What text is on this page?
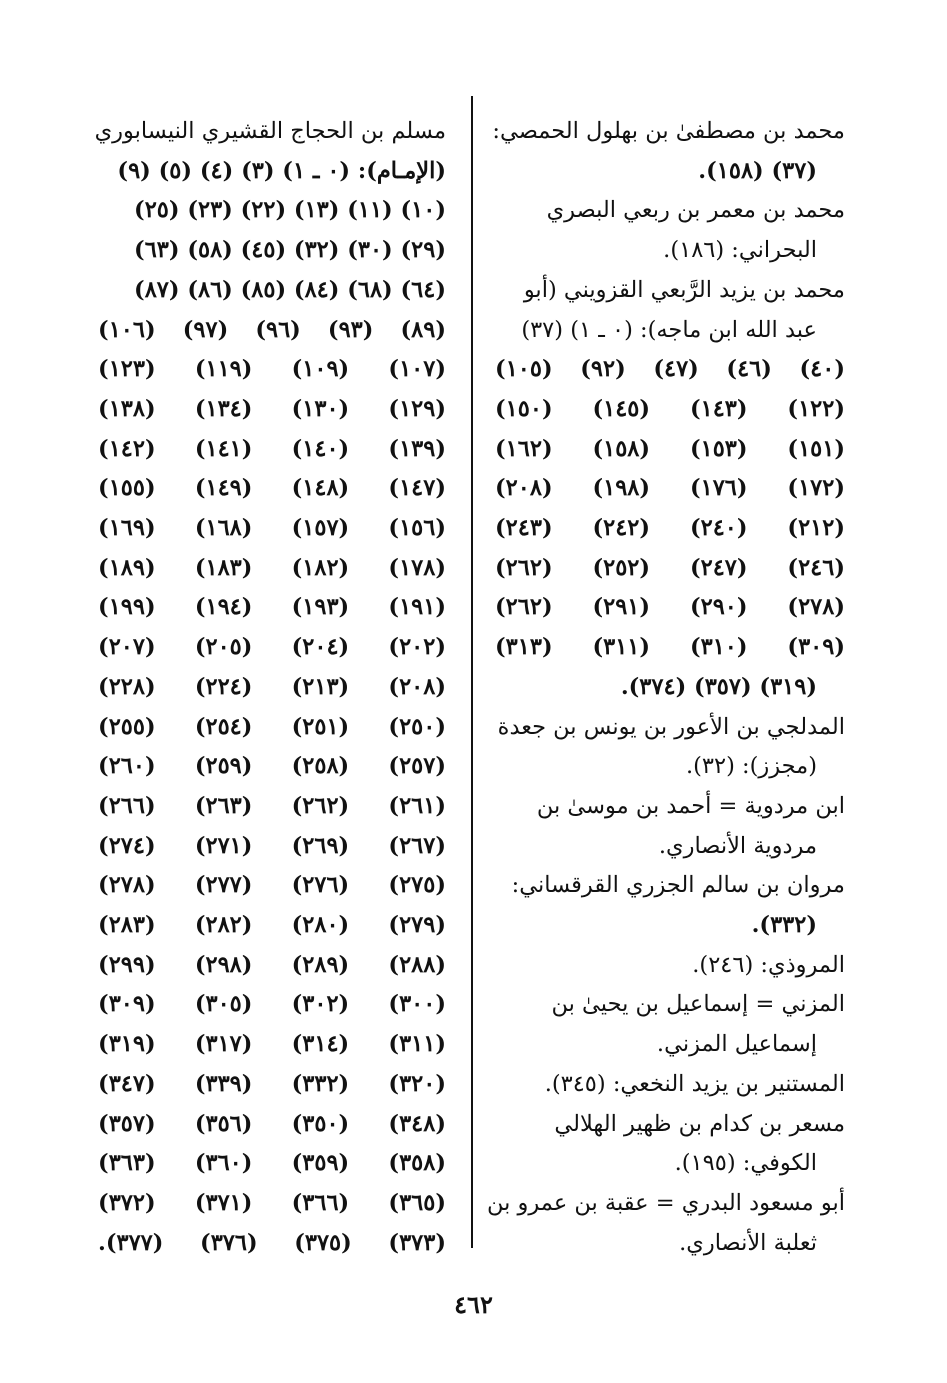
محمد بن مصطفىٰ بن بهلول الحمصي:
(٣٧) (١٥٨).
محمد بن معمر بن ربعي البصري
البحراني: (١٨٦).
محمد بن يزيد الرَّبعي القزويني (أبو
عبد الله ابن ماجه): (٠ ـ ١) (٣٧)
(٤٠)
(٤٦)
(٤٧)
(٩٢)
(١٠٥)
(١٢٢)
(١٤٣)
(١٤٥)
(١٥٠)
(١٥١)
(١٥٣)
(١٥٨)
(١٦٢)
(١٧٢)
(١٧٦)
(١٩٨)
(٢٠٨)
(٢١٢)
(٢٤٠)
(٢٤٢)
(٢٤٣)
(٢٤٦)
(٢٤٧)
(٢٥٢)
(٢٦٢)
(٢٧٨)
(٢٩٠)
(٢٩١)
(٢٦٢)
(٣٠٩)
(٣١٠)
(٣١١)
(٣١٣)
(٣١٩) (٣٥٧) (٣٧٤).
المدلجي بن الأعور بن يونس بن جعدة
(مجزز): (٣٢).
ابن مردوية = أحمد بن موسىٰ بن
مردوية الأنصاري.
مروان بن سالم الجزري القرقساني:
(٣٣٢).
المروذي: (٢٤٦).
المزني = إسماعيل بن يحيىٰ بن
إسماعيل المزني.
المستنير بن يزيد النخعي: (٣٤٥).
مسعر بن كدام بن ظهير الهلالي
الكوفي: (١٩٥).
أبو مسعود البدري = عقبة بن عمرو بن
ثعلبة الأنصاري.
مسلم بن الحجاج القشيري النيسابوري
(الإمـام): (٠ ـ ١) (٣) (٤) (٥) (٩)
(١٠) (١١) (١٣) (٢٢) (٢٣) (٢٥)
(٢٩) (٣٠) (٣٢) (٤٥) (٥٨) (٦٣)
(٦٤) (٦٨) (٨٤) (٨٥) (٨٦) (٨٧)
(٨٩)
(٩٣)
(٩٦)
(٩٧)
(١٠٦)
(١٠٧)
(١٠٩)
(١١٩)
(١٢٣)
(١٢٩)
(١٣٠)
(١٣٤)
(١٣٨)
(١٣٩)
(١٤٠)
(١٤١)
(١٤٢)
(١٤٧)
(١٤٨)
(١٤٩)
(١٥٥)
(١٥٦)
(١٥٧)
(١٦٨)
(١٦٩)
(١٧٨)
(١٨٢)
(١٨٣)
(١٨٩)
(١٩١)
(١٩٣)
(١٩٤)
(١٩٩)
(٢٠٢)
(٢٠٤)
(٢٠٥)
(٢٠٧)
(٢٠٨)
(٢١٣)
(٢٢٤)
(٢٢٨)
(٢٥٠)
(٢٥١)
(٢٥٤)
(٢٥٥)
(٢٥٧)
(٢٥٨)
(٢٥٩)
(٢٦٠)
(٢٦١)
(٢٦٢)
(٢٦٣)
(٢٦٦)
(٢٦٧)
(٢٦٩)
(٢٧١)
(٢٧٤)
(٢٧٥)
(٢٧٦)
(٢٧٧)
(٢٧٨)
(٢٧٩)
(٢٨٠)
(٢٨٢)
(٢٨٣)
(٢٨٨)
(٢٨٩)
(٢٩٨)
(٢٩٩)
(٣٠٠)
(٣٠٢)
(٣٠٥)
(٣٠٩)
(٣١١)
(٣١٤)
(٣١٧)
(٣١٩)
(٣٢٠)
(٣٣٢)
(٣٣٩)
(٣٤٧)
(٣٤٨)
(٣٥٠)
(٣٥٦)
(٣٥٧)
(٣٥٨)
(٣٥٩)
(٣٦٠)
(٣٦٣)
(٣٦٥)
(٣٦٦)
(٣٧١)
(٣٧٢)
(٣٧٣)
(٣٧٥)
(٣٧٦)
(٣٧٧).
٤٦٢
